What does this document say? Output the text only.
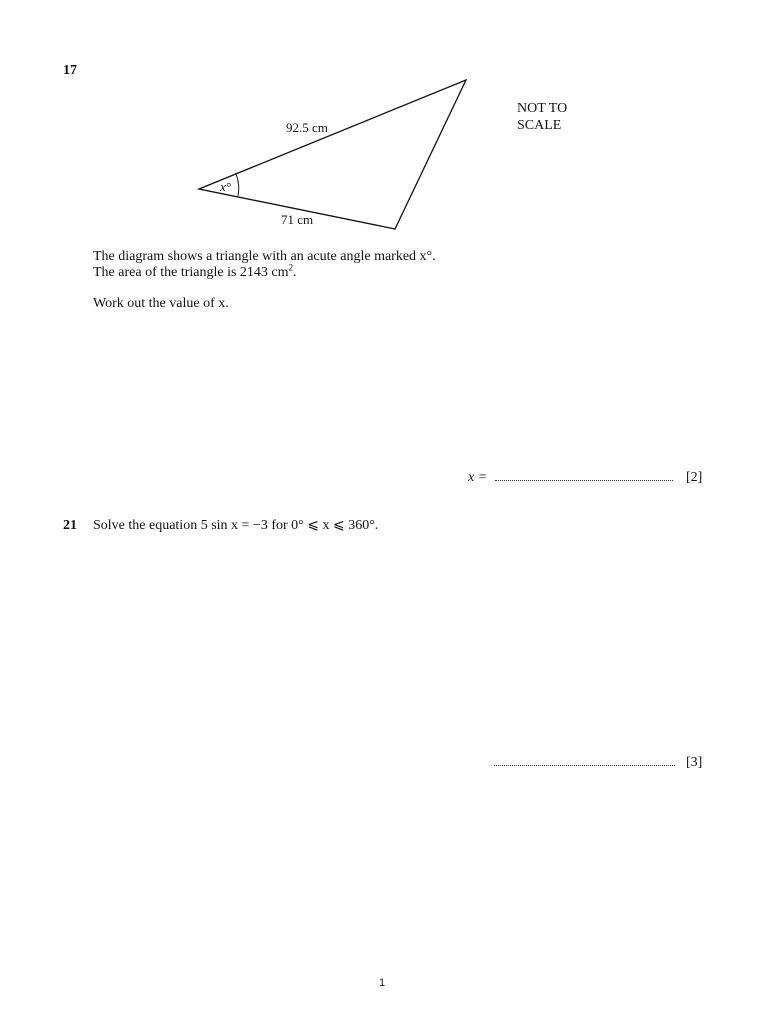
17
92.5 cm
71 cm
x°
NOT TO
SCALE
The diagram shows a triangle with an acute angle marked x°.
The area of the triangle is 2143 $cm^2$.
Work out the value of x.
x =	[2]
21 Solve the equation 5 sin x = −3 for 0° ⩽ x ⩽ 360°.
[3]
1
